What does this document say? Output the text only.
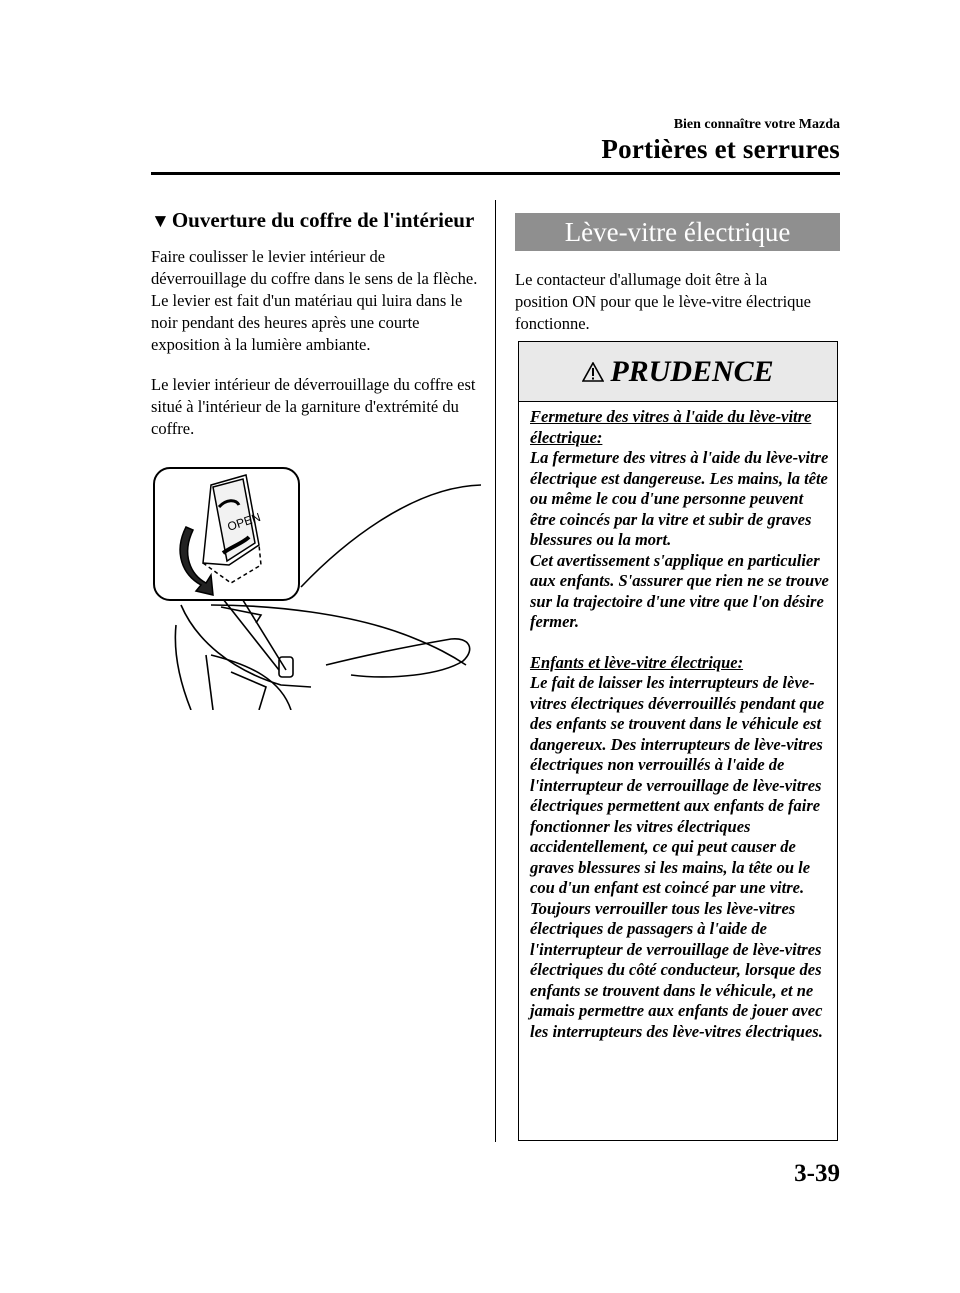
Bien connaître votre Mazda
Portières et serrures
▼Ouverture du coffre de l'intérieur

Faire coulisser le levier intérieur de déverrouillage du coffre dans le sens de la flèche. Le levier est fait d'un matériau qui luira dans le noir pendant des heures après une courte exposition à la lumière ambiante.

Le levier intérieur de déverrouillage du coffre est situé à l'intérieur de la garniture d'extrémité du coffre.

OPEN
Lève-vitre électrique

Le contacteur d'allumage doit être à la position ON pour que le lève-vitre électrique fonctionne.

PRUDENCE
Fermeture des vitres à l'aide du lève-vitre électrique:
La fermeture des vitres à l'aide du lève-vitre électrique est dangereuse. Les mains, la tête ou même le cou d'une personne peuvent être coincés par la vitre et subir de graves blessures ou la mort.
Cet avertissement s'applique en particulier aux enfants. S'assurer que rien ne se trouve sur la trajectoire d'une vitre que l'on désire fermer.
Enfants et lève-vitre électrique:
Le fait de laisser les interrupteurs de lève-vitres électriques déverrouillés pendant que des enfants se trouvent dans le véhicule est dangereux. Des interrupteurs de lève-vitres électriques non verrouillés à l'aide de l'interrupteur de verrouillage de lève-vitres électriques permettent aux enfants de faire fonctionner les vitres électriques accidentellement, ce qui peut causer de graves blessures si les mains, la tête ou le cou d'un enfant est coincé par une vitre. Toujours verrouiller tous les lève-vitres électriques de passagers à l'aide de l'interrupteur de verrouillage de lève-vitres électriques du côté conducteur, lorsque des enfants se trouvent dans le véhicule, et ne jamais permettre aux enfants de jouer avec les interrupteurs des lève-vitres électriques.
3-39
